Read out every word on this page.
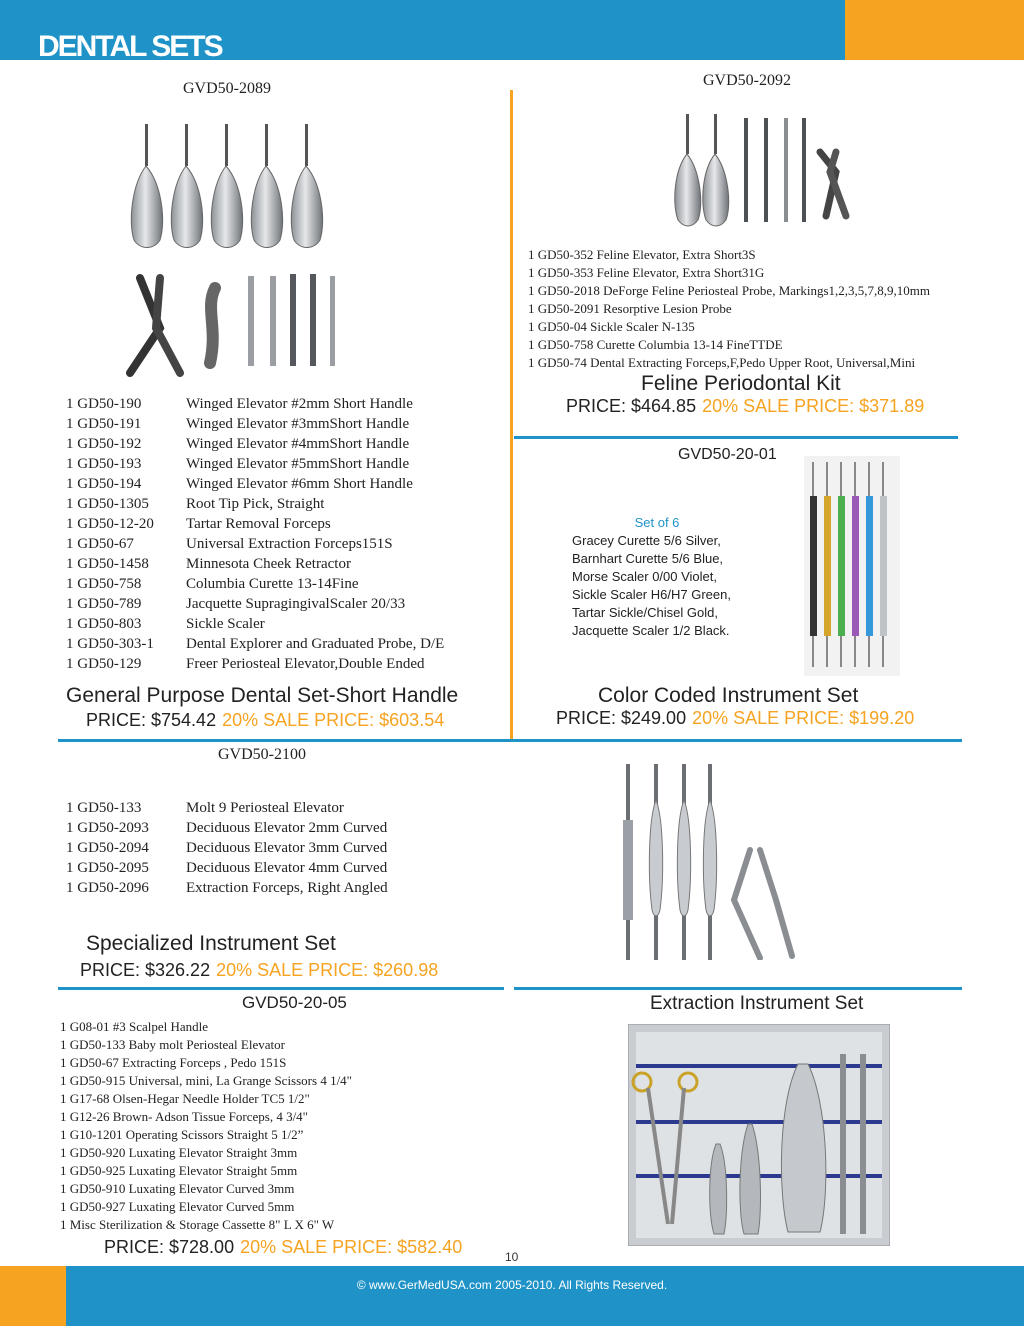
DENTAL SETS
GVD50-2089
1 GD50-190	Winged Elevator #2mm Short Handle
1 GD50-191	Winged Elevator #3mmShort Handle
1 GD50-192	Winged Elevator #4mmShort Handle
1 GD50-193	Winged Elevator #5mmShort Handle
1 GD50-194	Winged Elevator #6mm Short Handle
1 GD50-1305	Root Tip Pick, Straight
1 GD50-12-20	Tartar Removal Forceps
1 GD50-67	Universal Extraction Forceps151S
1 GD50-1458	Minnesota Cheek Retractor
1 GD50-758	Columbia Curette 13-14Fine
1 GD50-789	Jacquette SupragingivalScaler 20/33
1 GD50-803	Sickle Scaler
1 GD50-303-1	Dental Explorer and Graduated Probe, D/E
1 GD50-129	Freer Periosteal Elevator,Double Ended
General Purpose Dental Set-Short Handle
PRICE: $754.42 20% SALE PRICE: $603.54
GVD50-2092
1 GD50-352 Feline Elevator, Extra Short3S
1 GD50-353 Feline Elevator, Extra Short31G
1 GD50-2018 DeForge Feline Periosteal Probe, Markings1,2,3,5,7,8,9,10mm
1 GD50-2091 Resorptive Lesion Probe
1 GD50-04 Sickle Scaler N-135
1 GD50-758 Curette Columbia 13-14 FineTTDE
1 GD50-74 Dental Extracting Forceps,F,Pedo Upper Root, Universal,Mini
Feline Periodontal Kit
PRICE: $464.85 20% SALE PRICE: $371.89
GVD50-20-01
Set of 6
Gracey Curette 5/6 Silver,
Barnhart Curette 5/6 Blue,
Morse Scaler 0/00 Violet,
Sickle Scaler H6/H7 Green,
Tartar Sickle/Chisel Gold,
Jacquette Scaler 1/2 Black.
Color Coded Instrument Set
PRICE: $249.00 20% SALE PRICE: $199.20
GVD50-2100
1 GD50-133	Molt 9 Periosteal Elevator
1 GD50-2093	Deciduous Elevator 2mm Curved
1 GD50-2094	Deciduous Elevator 3mm Curved
1 GD50-2095	Deciduous Elevator 4mm Curved
1 GD50-2096	Extraction Forceps, Right Angled
Specialized Instrument Set
PRICE: $326.22 20% SALE PRICE: $260.98
GVD50-20-05	Extraction Instrument Set
1 G08-01 #3 Scalpel Handle
1 GD50-133 Baby molt Periosteal Elevator
1 GD50-67 Extracting Forceps , Pedo 151S
1 GD50-915 Universal, mini, La Grange Scissors 4 1/4"
1 G17-68 Olsen-Hegar Needle Holder TC5 1/2"
1 G12-26 Brown- Adson Tissue Forceps, 4 3/4"
1 G10-1201 Operating Scissors Straight 5 1/2”
1 GD50-920 Luxating Elevator Straight 3mm
1 GD50-925 Luxating Elevator Straight 5mm
1 GD50-910 Luxating Elevator Curved 3mm
1 GD50-927 Luxating Elevator Curved 5mm
1 Misc Sterilization & Storage Cassette 8" L X 6" W
PRICE: $728.00 20% SALE PRICE: $582.40	10
© www.GerMedUSA.com 2005-2010. All Rights Reserved.
